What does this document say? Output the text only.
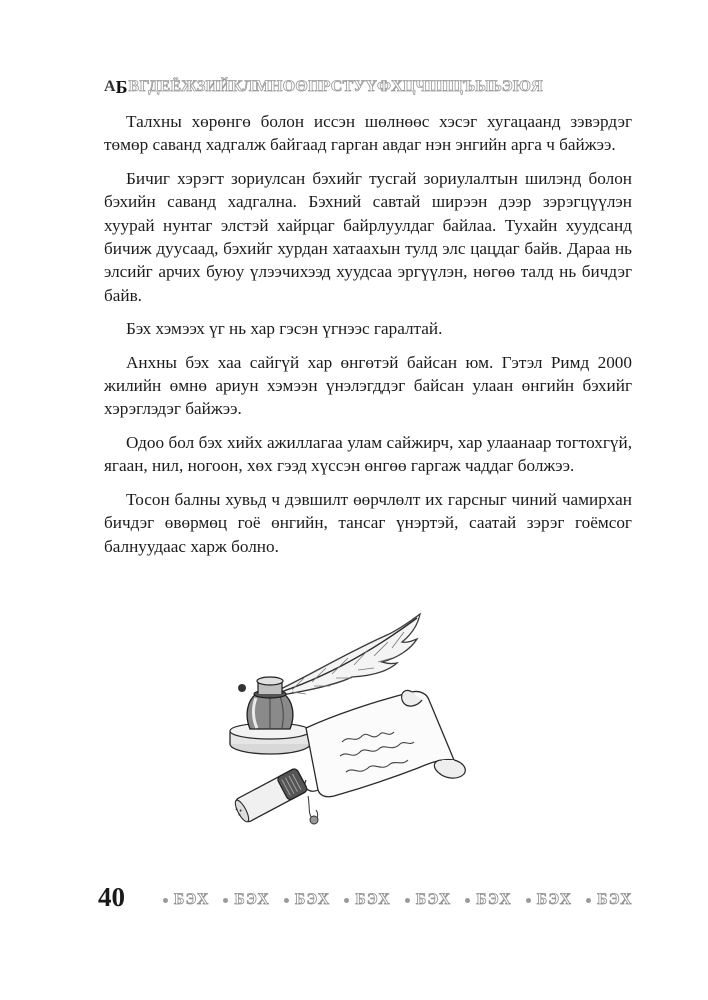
А Б ВГДЕЁЖЗИЙКЛМНОӨПРСТУҮФХЦЧШЩЪЫЬЭЮЯ

Талхны хөрөнгө болон иссэн шөлнөөс хэсэг хугацаанд зэвэрдэг төмөр саванд хадгалж байгаад гарган авдаг нэн энгийн арга ч байжээ.

Бичиг хэрэгт зориулсан бэхийг тусгай зориулалтын шилэнд болон бэхийн саванд хадгална. Бэхний савтай ширээн дээр зэрэгцүүлэн хуурай нунтаг элстэй хайрцаг байрлуулдаг байлаа. Тухайн хуудсанд бичиж дуусаад, бэхийг хурдан хатаахын тулд элс цацдаг байв. Дараа нь элсийг арчих буюу үлээчихээд хуудсаа эргүүлэн, нөгөө талд нь бичдэг байв.

Бэх хэмээх үг нь хар гэсэн үгнээс гаралтай.

Анхны бэх хаа сайгүй хар өнгөтэй байсан юм. Гэтэл Римд 2000 жилийн өмнө ариун хэмээн үнэлэгддэг байсан улаан өнгийн бэхийг хэрэглэдэг байжээ.

Одоо бол бэх хийх ажиллагаа улам сайжирч, хар улаанаар тогтохгүй, ягаан, нил, ногоон, хөх гээд хүссэн өнгөө гаргаж чаддаг болжээ.

Тосон балны хувьд ч дэвшилт өөрчлөлт их гарсныг чиний чамирхан бичдэг өвөрмөц гоё өнгийн, тансаг үнэртэй, саатай зэрэг гоёмсог балнуудаас харж болно.

40	БЭХ БЭХ БЭХ БЭХ БЭХ БЭХ БЭХ БЭХ
